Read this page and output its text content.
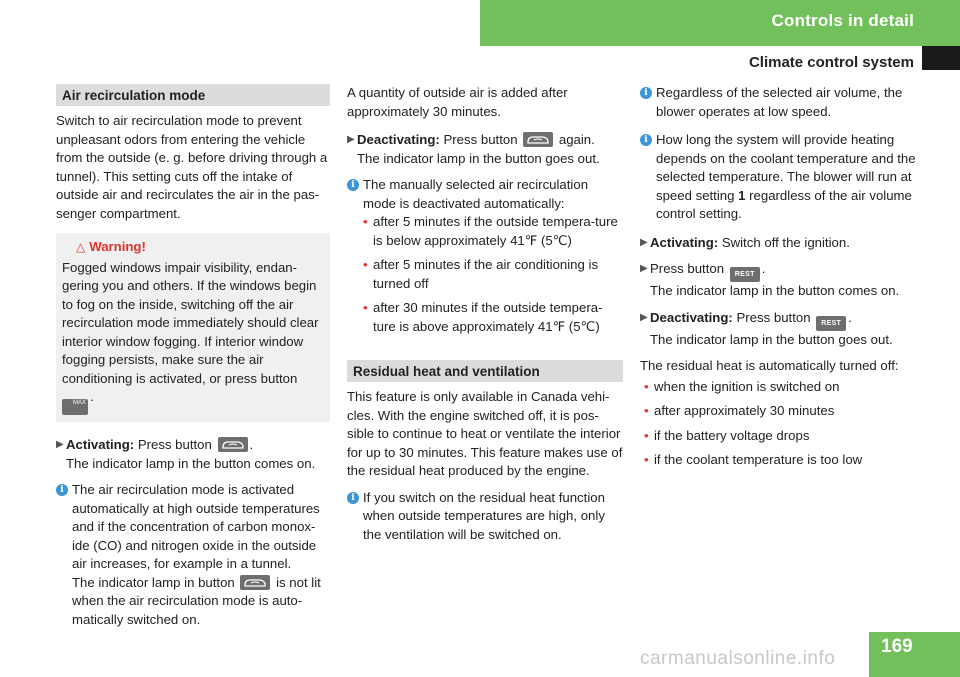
Controls in detail
Climate control system
Air recirculation mode

Switch to air recirculation mode to prevent unpleasant odors from entering the vehicle from the outside (e. g. before driving through a tunnel). This setting cuts off the intake of outside air and recirculates the air in the pas-senger compartment.

△ Warning!
Fogged windows impair visibility, endan-gering you and others. If the windows begin to fog on the inside, switching off the air recirculation mode immediately should clear interior window fogging. If interior window fogging persists, make sure the air conditioning is activated, or press button MAX .
▶ Activating: Press button	.
The indicator lamp in the button comes on.
i The air recirculation mode is activated automatically at high outside temperatures and if the concentration of carbon monox-ide (CO) and nitrogen oxide in the outside air increases, for example in a tunnel.
The indicator lamp in button	is not lit when the air recirculation mode is auto-matically switched on.

A quantity of outside air is added after approximately 30 minutes.

▶ Deactivating: Press button	again.
The indicator lamp in the button goes out.
i The manually selected air recirculation mode is deactivated automatically:
• after 5 minutes if the outside tempera-ture is below approximately 41℉ (5℃)
• after 5 minutes if the air conditioning is turned off
• after 30 minutes if the outside tempera-ture is above approximately 41℉ (5℃)
Residual heat and ventilation

This feature is only available in Canada vehi-cles. With the engine switched off, it is pos-sible to continue to heat or ventilate the interior for up to 30 minutes. This feature makes use of the residual heat produced by the engine.

i If you switch on the residual heat function when outside temperatures are high, only the ventilation will be switched on.
i Regardless of the selected air volume, the blower operates at low speed.
i How long the system will provide heating depends on the coolant temperature and the selected temperature. The blower will run at speed setting 1 regardless of the air volume control setting.
▶ Activating: Switch off the ignition.
▶ Press button REST .
The indicator lamp in the button comes on.
▶ Deactivating: Press button REST .
The indicator lamp in the button goes out.

The residual heat is automatically turned off:

• when the ignition is switched on
• after approximately 30 minutes
• if the battery voltage drops
• if the coolant temperature is too low
169
carmanualsonline.info
